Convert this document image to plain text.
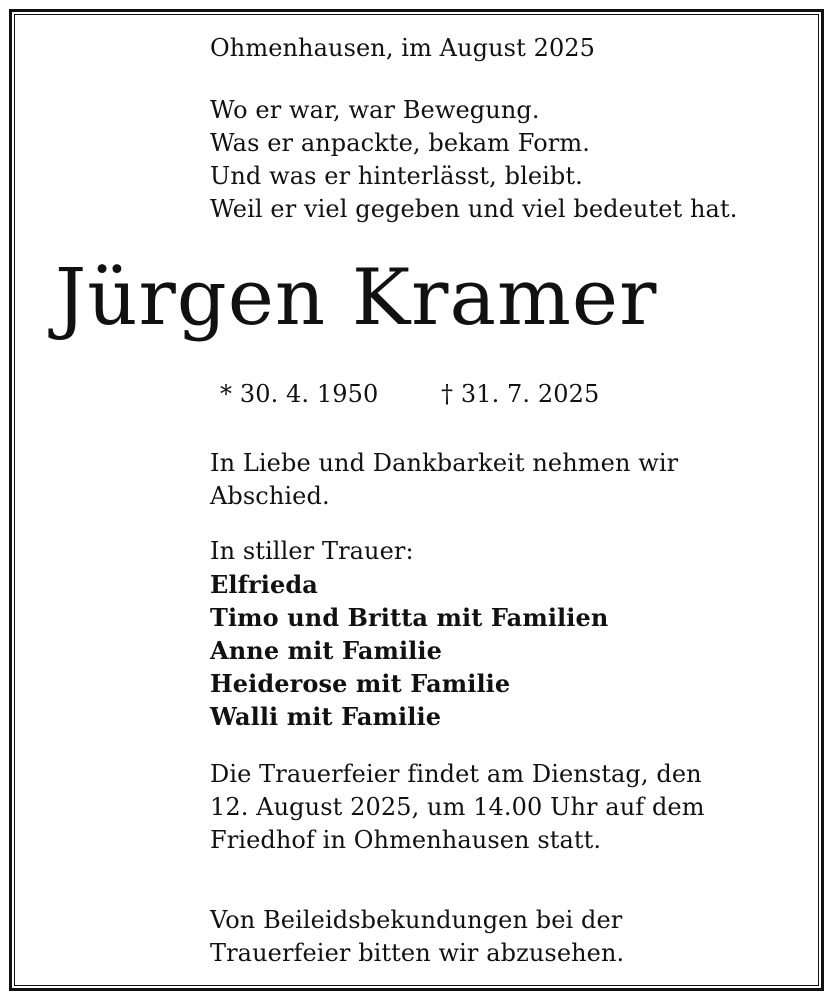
Ohmenhausen, im August 2025
Wo er war, war Bewegung.
Was er anpackte, bekam Form.
Und was er hinterlässt, bleibt.
Weil er viel gegeben und viel bedeutet hat.
Jürgen Kramer
* 30. 4. 1950	† 31. 7. 2025
In Liebe und Dankbarkeit nehmen wir
Abschied.
In stiller Trauer:
Elfrieda
Timo und Britta mit Familien
Anne mit Familie
Heiderose mit Familie
Walli mit Familie
Die Trauerfeier findet am Dienstag, den
12. August 2025, um 14.00 Uhr auf dem
Friedhof in Ohmenhausen statt.
Von Beileidsbekundungen bei der
Trauerfeier bitten wir abzusehen.
